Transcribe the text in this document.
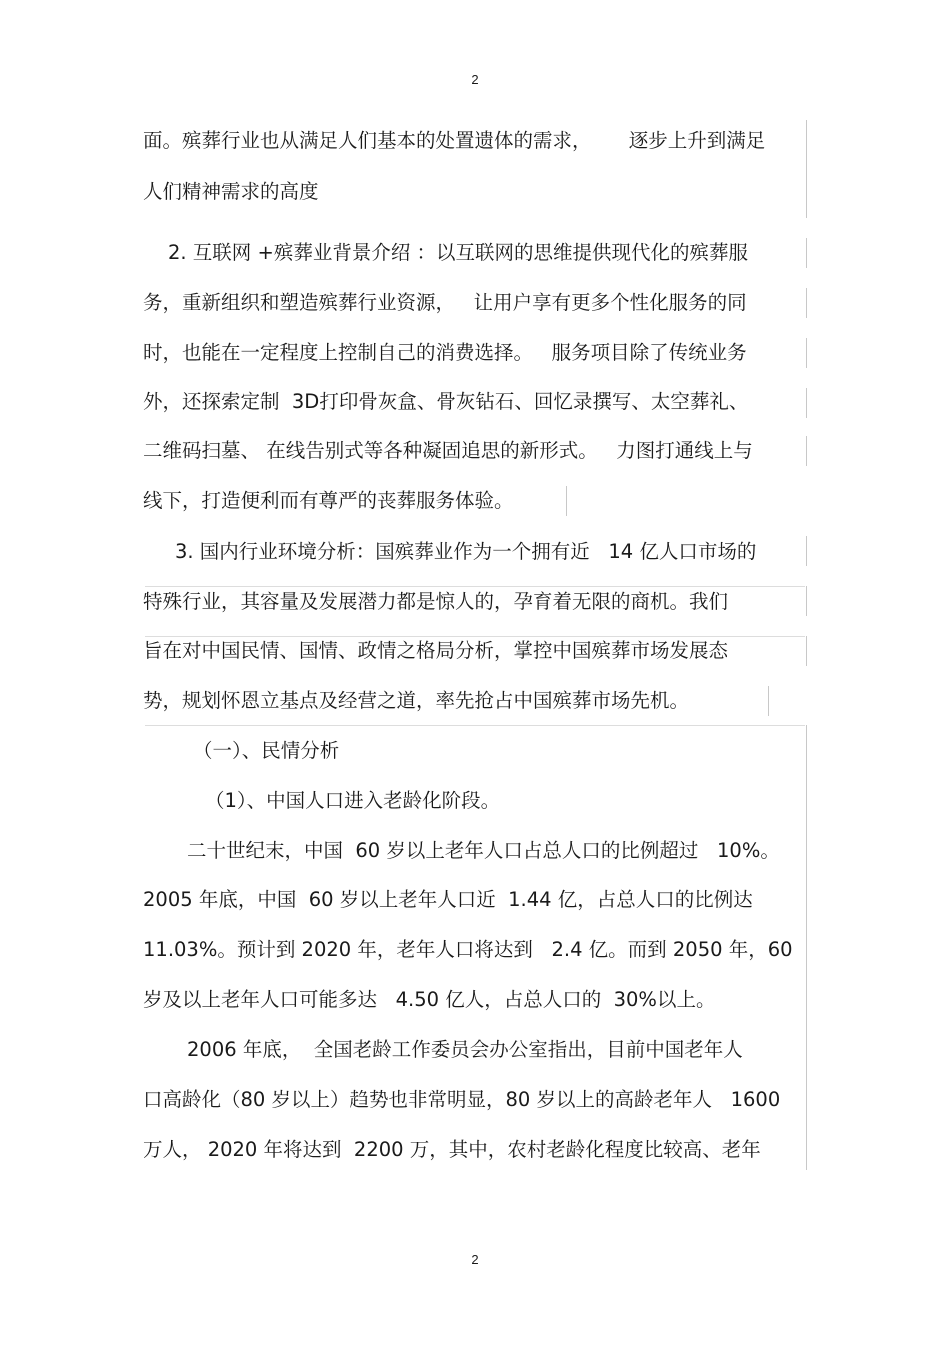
2
面。殡葬行业也从满足人们基本的处置遗体的需求，      逐步上升到满足
人们精神需求的高度
2. 互联网 +殡葬业背景介绍 ：以互联网的思维提供现代化的殡葬服
务，重新组织和塑造殡葬行业资源，   让用户享有更多个性化服务的同
时，也能在一定程度上控制自己的消费选择。   服务项目除了传统业务
外，还探索定制  3D打印骨灰盒、骨灰钻石、回忆录撰写、太空葬礼、
二维码扫墓、 在线告别式等各种凝固追思的新形式。   力图打通线上与
线下，打造便利而有尊严的丧葬服务体验。
3. 国内行业环境分析：国殡葬业作为一个拥有近   14 亿人口市场的
特殊行业，其容量及发展潜力都是惊人的，孕育着无限的商机。我们
旨在对中国民情、国情、政情之格局分析，掌控中国殡葬市场发展态
势，规划怀恩立基点及经营之道，率先抢占中国殡葬市场先机。
（一）、民情分析
（1）、中国人口进入老龄化阶段。
二十世纪末，中国  60 岁以上老年人口占总人口的比例超过   10%。
2005 年底，中国  60 岁以上老年人口近  1.44 亿，占总人口的比例达
11.03%。预计到 2020 年，老年人口将达到   2.4 亿。而到 2050 年，60
岁及以上老年人口可能多达   4.50 亿人，占总人口的  30%以上。
2006 年底，  全国老龄工作委员会办公室指出，目前中国老年人
口高龄化（80 岁以上）趋势也非常明显，80 岁以上的高龄老年人   1600
万人， 2020 年将达到  2200 万，其中，农村老龄化程度比较高、老年
2
